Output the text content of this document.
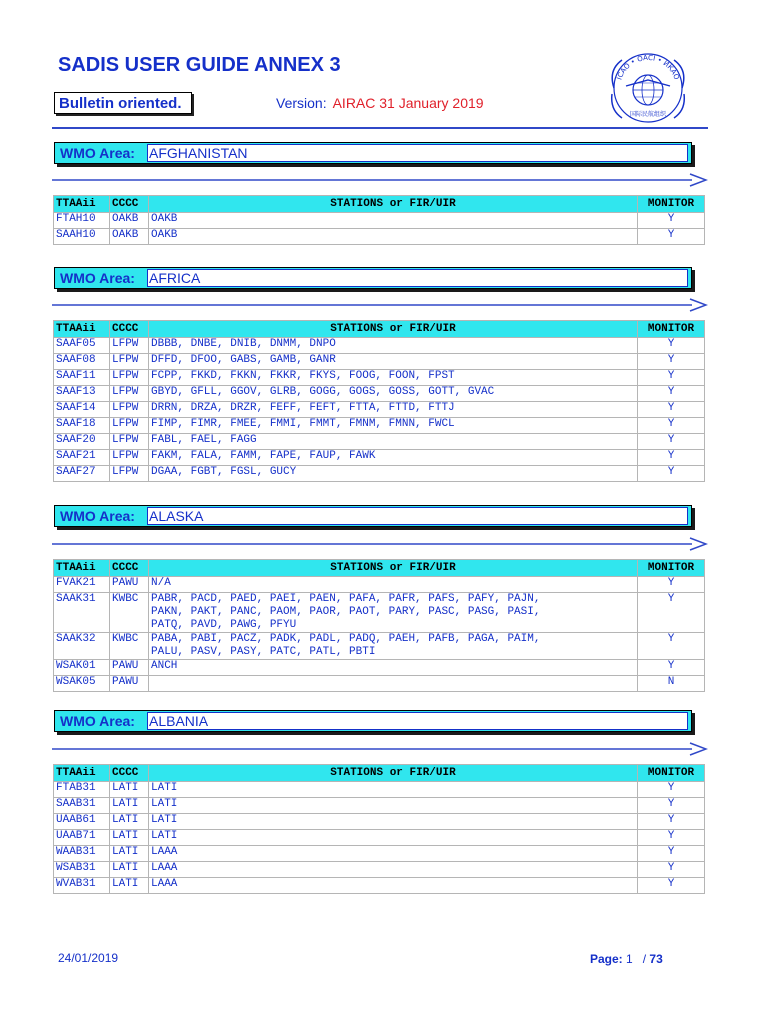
SADIS USER GUIDE ANNEX 3
Bulletin oriented.	Version: AIRAC 31 January 2019
ICAO • OACI • ИКАО
国际民航组织
WMO Area: AFGHANISTAN
TTAAii	CCCC	STATIONS or FIR/UIR	MONITOR
FTAH10	OAKB	OAKB	Y
SAAH10	OAKB	OAKB	Y
WMO Area: AFRICA
TTAAii	CCCC	STATIONS or FIR/UIR	MONITOR
SAAF05	LFPW	DBBB, DNBE, DNIB, DNMM, DNPO	Y
SAAF08	LFPW	DFFD, DFOO, GABS, GAMB, GANR	Y
SAAF11	LFPW	FCPP, FKKD, FKKN, FKKR, FKYS, FOOG, FOON, FPST	Y
SAAF13	LFPW	GBYD, GFLL, GGOV, GLRB, GOGG, GOGS, GOSS, GOTT, GVAC	Y
SAAF14	LFPW	DRRN, DRZA, DRZR, FEFF, FEFT, FTTA, FTTD, FTTJ	Y
SAAF18	LFPW	FIMP, FIMR, FMEE, FMMI, FMMT, FMNM, FMNN, FWCL	Y
SAAF20	LFPW	FABL, FAEL, FAGG	Y
SAAF21	LFPW	FAKM, FALA, FAMM, FAPE, FAUP, FAWK	Y
SAAF27	LFPW	DGAA, FGBT, FGSL, GUCY	Y
WMO Area: ALASKA
TTAAii	CCCC	STATIONS or FIR/UIR	MONITOR
FVAK21	PAWU	N/A	Y
SAAK31	KWBC	PABR, PACD, PAED, PAEI, PAEN, PAFA, PAFR, PAFS, PAFY, PAJN,
PAKN, PAKT, PANC, PAOM, PAOR, PAOT, PARY, PASC, PASG, PASI,
PATQ, PAVD, PAWG, PFYU	Y
SAAK32	KWBC	PABA, PABI, PACZ, PADK, PADL, PADQ, PAEH, PAFB, PAGA, PAIM,
PALU, PASV, PASY, PATC, PATL, PBTI	Y
WSAK01	PAWU	ANCH	Y
WSAK05	PAWU		N
WMO Area: ALBANIA
TTAAii	CCCC	STATIONS or FIR/UIR	MONITOR
FTAB31	LATI	LATI	Y
SAAB31	LATI	LATI	Y
UAAB61	LATI	LATI	Y
UAAB71	LATI	LATI	Y
WAAB31	LATI	LAAA	Y
WSAB31	LATI	LAAA	Y
WVAB31	LATI	LAAA	Y
24/01/2019	Page: 1 / 73
